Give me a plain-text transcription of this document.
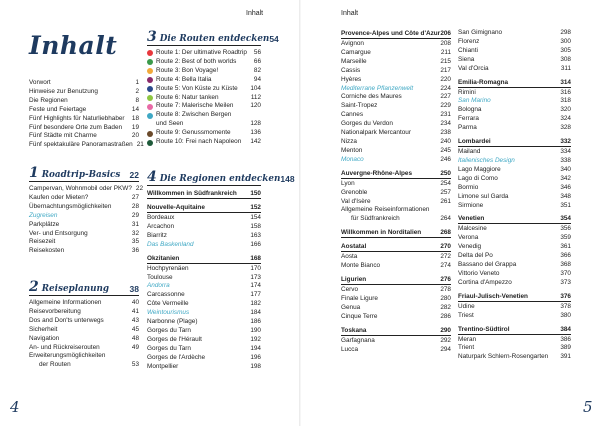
Inhalt
Inhalt
Vorwort	1
Hinweise zur Benutzung	2
Die Regionen	8
Feste und Feiertage	14
Fünf Highlights für Naturliebhaber 18
Fünf besondere Orte zum Baden 19
Fünf Städte mit Charme	20
Fünf spektakuläre Panoramastraßen 21
1 Roadtrip-Basics	22
Campervan, Wohnmobil oder PKW? 22
Kaufen oder Mieten?	27
Übernachtungsmöglichkeiten	28
Zugreisen	29
Parkplätze	31
Ver- und Entsorgung	32
Reisezeit	35
Reisekosten	36
2 Reiseplanung	38
Allgemeine Informationen	40
Reisevorbereitung	41
Dos and Don'ts unterwegs	43
Sicherheit	45
Navigation	48
An- und Rückreiserouten	49
Erweiterungsmöglichkeiten
der Routen	53
3 Die Routen entdecken 54
Route 1: Der ultimative Roadtrip	56
Route 2: Best of both worlds	66
Route 3: Bon Voyage!	82
Route 4: Bella Italia	94
Route 5: Von Küste zu Küste	104
Route 6: Natur tanken	112
Route 7: Malerische Meilen	120
Route 8: Zwischen Bergen
und Seen	128
Route 9: Genussmomente	136
Route 10: Frei nach Napoleon	142
4 Die Regionen entdecken 148
Willkommen in Südfrankreich 150
Nouvelle-Aquitaine	152
Bordeaux	154
Arcachon	158
Biarritz	163
Das Baskenland	166
Okzitanien	168
Hochpyrenäen	170
Toulouse	173
Andorra	174
Carcassonne	177
Côte Vermeille	182
Weintourismus	184
Narbonne (Plage)	186
Gorges du Tarn	190
Gorges de l'Hérault	192
Gorges du Tarn	194
Gorges de l'Ardèche	196
Montpellier	198
4
Inhalt
Provence-Alpes und Côte d'Azur 206
Avignon	208
Camargue	211
Marseille	215
Cassis	217
Hyères	220
Mediterrane Pflanzenwelt	224
Corniche des Maures	227
Saint-Tropez	229
Cannes	231
Gorges du Verdon	234
Nationalpark Mercantour	238
Nizza	240
Menton	245
Monaco	246
Auvergne-Rhône-Alpes	250
Lyon	254
Grenoble	257
Val d'Isère	261
Allgemeine Reiseinformationen
für Südfrankreich	264
Willkommen in Norditalien	268
Aostatal	270
Aosta	272
Monte Bianco	274
Ligurien	276
Cervo	278
Finale Ligure	280
Genua	282
Cinque Terre	286
Toskana	290
Garfagnana	292
Lucca	294
San Gimignano	298
Florenz	300
Chianti	305
Siena	308
Val d'Orcia	311
Emilia-Romagna	314
Rimini	316
San Marino	318
Bologna	320
Ferrara	324
Parma	328
Lombardei	332
Mailand	334
Italienisches Design	338
Lago Maggiore	340
Lago di Como	342
Bormio	346
Limone sul Garda	348
Sirmione	351
Venetien	354
Malcesine	356
Verona	359
Venedig	361
Delta del Po	366
Bassano del Grappa	368
Vittorio Veneto	370
Cortina d'Ampezzo	373
Friaul-Julisch-Venetien	376
Udine	378
Triest	380
Trentino-Südtirol	384
Meran	386
Trient	389
Naturpark Schlern-Rosengarten 391
5
